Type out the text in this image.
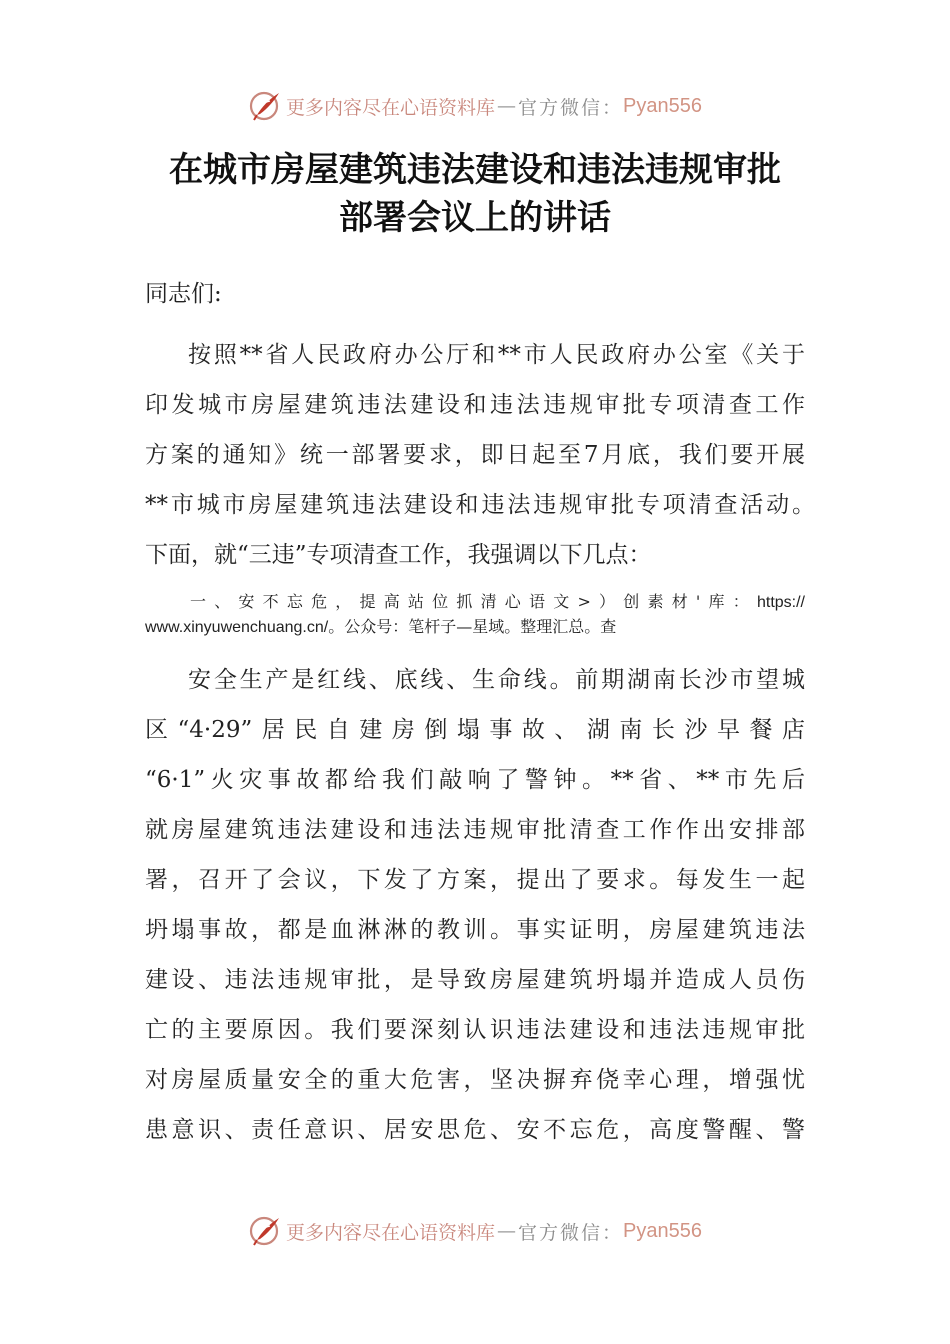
更多内容尽在心语资料库 — 官方微信： Pyan556
在城市房屋建筑违法建设和违法违规审批
部署会议上的讲话
同志们:
按照**省人民政府办公厅和**市人民政府办公室《关于
印发城市房屋建筑违法建设和违法违规审批专项清查工作
方案的通知》统一部署要求，即日起至7月底，我们要开展
**市城市房屋建筑违法建设和违法违规审批专项清查活动。
下面，就“三违”专项清查工作，我强调以下几点：
一、安不忘危，提高站位抓清心语文>）创素材'库：https://
www.xinyuwenchuang.cn/。公众号：笔杆子—星域。整理汇总。查
安全生产是红线、底线、生命线。前期湖南长沙市望城
区“4·29”居民自建房倒塌事故、湖南长沙早餐店
“6·1”火灾事故都给我们敲响了警钟。**省、**市先后
就房屋建筑违法建设和违法违规审批清查工作作出安排部
署，召开了会议，下发了方案，提出了要求。每发生一起
坍塌事故，都是血淋淋的教训。事实证明，房屋建筑违法
建设、违法违规审批，是导致房屋建筑坍塌并造成人员伤
亡的主要原因。我们要深刻认识违法建设和违法违规审批
对房屋质量安全的重大危害，坚决摒弃侥幸心理，增强忧
患意识、责任意识、居安思危、安不忘危，高度警醒、警
更多内容尽在心语资料库 — 官方微信： Pyan556
